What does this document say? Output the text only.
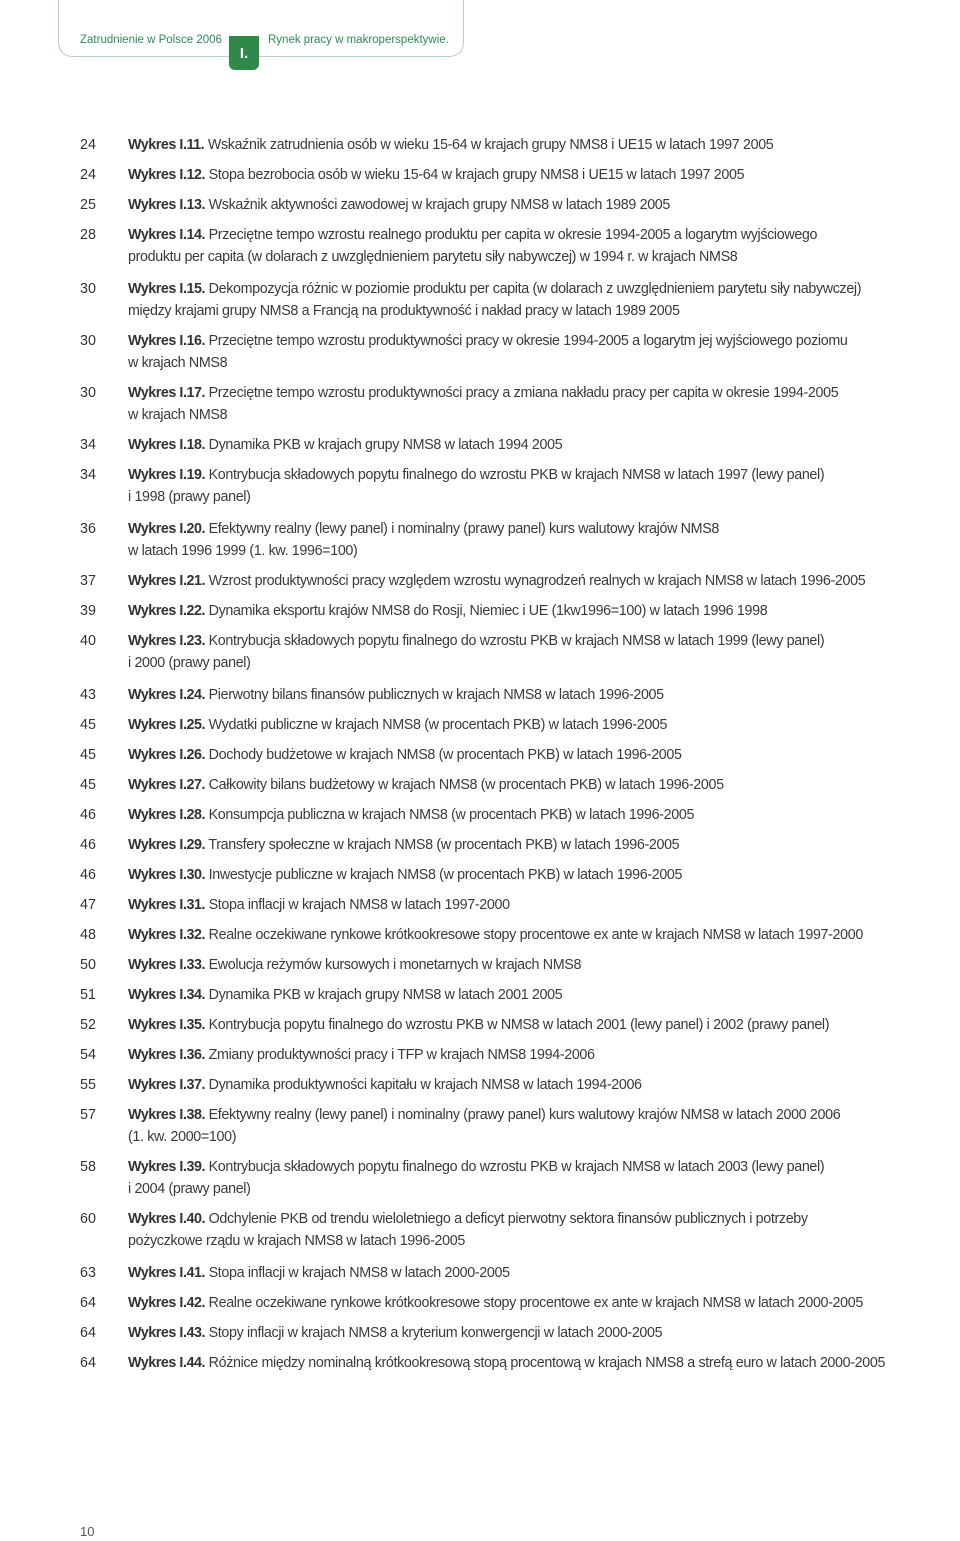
Zatrudnienie w Polsce 2006
I.
Rynek pracy w makroperspektywie.
24	Wykres I.11. Wskaźnik zatrudnienia osób w wieku 15-64 w krajach grupy NMS8 i UE15 w latach 1997 2005
24	Wykres I.12. Stopa bezrobocia osób w wieku 15-64 w krajach grupy NMS8 i UE15 w latach 1997 2005
25	Wykres I.13. Wskaźnik aktywności zawodowej w krajach grupy NMS8 w latach 1989 2005
28	Wykres I.14. Przeciętne tempo wzrostu realnego produktu per capita w okresie 1994-2005 a logarytm wyjściowego
produktu per capita (w dolarach z uwzględnieniem parytetu siły nabywczej) w 1994 r. w krajach NMS8
30	Wykres I.15. Dekompozycja różnic w poziomie produktu per capita (w dolarach z uwzględnieniem parytetu siły nabywczej)
między krajami grupy NMS8 a Francją na produktywność i nakład pracy w latach 1989 2005
30	Wykres I.16. Przeciętne tempo wzrostu produktywności pracy w okresie 1994-2005 a logarytm jej wyjściowego poziomu
w krajach NMS8
30	Wykres I.17. Przeciętne tempo wzrostu produktywności pracy a zmiana nakładu pracy per capita w okresie 1994-2005
w krajach NMS8
34	Wykres I.18. Dynamika PKB w krajach grupy NMS8 w latach 1994 2005
34	Wykres I.19. Kontrybucja składowych popytu finalnego do wzrostu PKB w krajach NMS8 w latach 1997 (lewy panel)
i 1998 (prawy panel)
36	Wykres I.20. Efektywny realny (lewy panel) i nominalny (prawy panel) kurs walutowy krajów NMS8
w latach 1996 1999 (1. kw. 1996=100)
37	Wykres I.21. Wzrost produktywności pracy względem wzrostu wynagrodzeń realnych w krajach NMS8 w latach 1996-2005
39	Wykres I.22. Dynamika eksportu krajów NMS8 do Rosji, Niemiec i UE (1kw1996=100) w latach 1996 1998
40	Wykres I.23. Kontrybucja składowych popytu finalnego do wzrostu PKB w krajach NMS8 w latach 1999 (lewy panel)
i 2000 (prawy panel)
43	Wykres I.24. Pierwotny bilans finansów publicznych w krajach NMS8 w latach 1996-2005
45	Wykres I.25. Wydatki publiczne w krajach NMS8 (w procentach PKB) w latach 1996-2005
45	Wykres I.26. Dochody budżetowe w krajach NMS8 (w procentach PKB) w latach 1996-2005
45	Wykres I.27. Całkowity bilans budżetowy w krajach NMS8 (w procentach PKB) w latach 1996-2005
46	Wykres I.28. Konsumpcja publiczna w krajach NMS8 (w procentach PKB) w latach 1996-2005
46	Wykres I.29. Transfery społeczne w krajach NMS8 (w procentach PKB) w latach 1996-2005
46	Wykres I.30. Inwestycje publiczne w krajach NMS8 (w procentach PKB) w latach 1996-2005
47	Wykres I.31. Stopa inflacji w krajach NMS8 w latach 1997-2000
48	Wykres I.32. Realne oczekiwane rynkowe krótkookresowe stopy procentowe ex ante w krajach NMS8 w latach 1997-2000
50	Wykres I.33. Ewolucja reżymów kursowych i monetarnych w krajach NMS8
51	Wykres I.34. Dynamika PKB w krajach grupy NMS8 w latach 2001 2005
52	Wykres I.35. Kontrybucja popytu finalnego do wzrostu PKB w NMS8 w latach 2001 (lewy panel) i 2002 (prawy panel)
54	Wykres I.36. Zmiany produktywności pracy i TFP w krajach NMS8 1994-2006
55	Wykres I.37. Dynamika produktywności kapitału w krajach NMS8 w latach 1994-2006
57	Wykres I.38. Efektywny realny (lewy panel) i nominalny (prawy panel) kurs walutowy krajów NMS8 w latach 2000 2006
(1. kw. 2000=100)
58	Wykres I.39. Kontrybucja składowych popytu finalnego do wzrostu PKB w krajach NMS8 w latach 2003 (lewy panel)
i 2004 (prawy panel)
60	Wykres I.40. Odchylenie PKB od trendu wieloletniego a deficyt pierwotny sektora finansów publicznych i potrzeby
pożyczkowe rządu w krajach NMS8 w latach 1996-2005
63	Wykres I.41. Stopa inflacji w krajach NMS8 w latach 2000-2005
64	Wykres I.42. Realne oczekiwane rynkowe krótkookresowe stopy procentowe ex ante w krajach NMS8 w latach 2000-2005
64	Wykres I.43. Stopy inflacji w krajach NMS8 a kryterium konwergencji w latach 2000-2005
64	Wykres I.44. Różnice między nominalną krótkookresową stopą procentową w krajach NMS8 a strefą euro w latach 2000-2005
10
